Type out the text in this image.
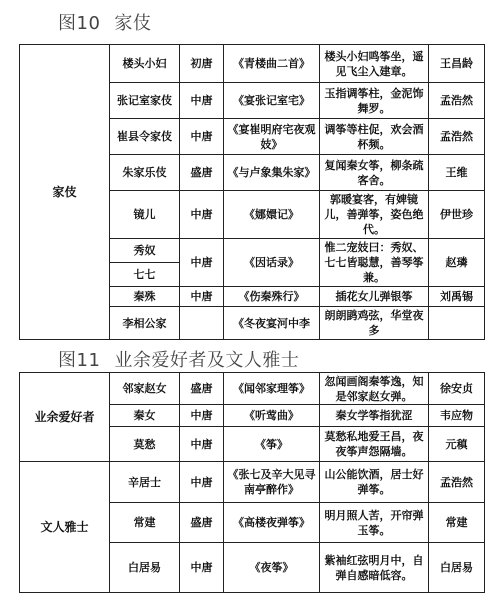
图10 家伎
家伎	楼头小妇	初唐	《青楼曲二首》	楼头小妇鸣筝坐，遥见飞尘入建章。	王昌龄
	张记室家伎	中唐	《宴张记室宅》	玉指调筝柱，金泥饰舞罗。	孟浩然
	崔县令家伎	中唐	《宴崔明府宅夜观妓》	调筝等柱促，欢会酒杯频。	孟浩然
	朱家乐伎	盛唐	《与卢象集朱家》	复闻秦女筝，柳条疏客舍。	王维
	镜儿	中唐	《娜嬛记》	郭暖宴客，有婢镜儿，善弹筝，姿色绝代。	伊世珍
	秀奴	中唐	《因话录》	惟二宠妓曰：秀奴、七七皆聪慧，善琴筝兼。	赵璘
	七七				
	秦殊	中唐	《伤秦殊行》	插花女儿弹银筝	刘禹锡
	李相公家		《冬夜宴河中李	朗朗鹍鸡弦，华堂夜多	
图11 业余爱好者及文人雅士
业余爱好者	邻家赵女	盛唐	《闻邻家理筝》	忽闻画阁秦筝逸，知是邻家赵女弹。	徐安贞
	秦女	中唐	《听莺曲》	秦女学筝指犹涩	韦应物
	莫愁	中唐	《筝》	莫愁私地爱王昌，夜夜筝声怨隔墙。	元稹
文人雅士	辛居士	中唐	《张七及辛大见寻南亭醉作》	山公能饮酒，居士好弹筝。	孟浩然
	常建	盛唐	《高楼夜弹筝》	明月照人苦，开帘弹玉筝。	常建
	白居易	中唐	《夜筝》	紫袖红弦明月中，自弹自感暗低容。	白居易
